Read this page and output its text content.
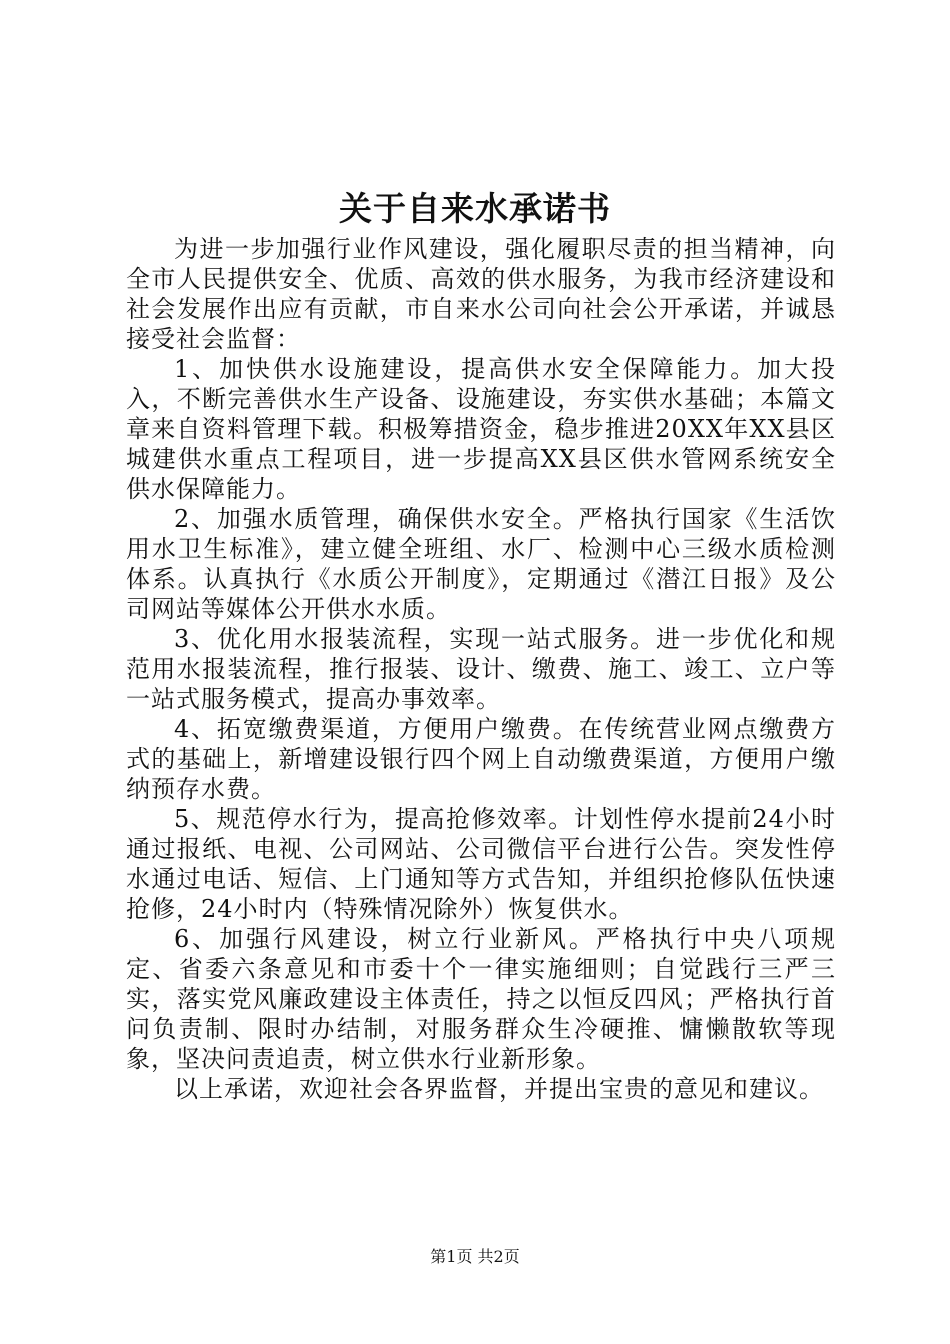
关于自来水承诺书

为进一步加强行业作风建设，强化履职尽责的担当精神，向全市人民提供安全、优质、高效的供水服务，为我市经济建设和社会发展作出应有贡献，市自来水公司向社会公开承诺，并诚恳接受社会监督：

1、加快供水设施建设，提高供水安全保障能力。加大投入，不断完善供水生产设备、设施建设，夯实供水基础；本篇文章来自资料管理下载。积极筹措资金，稳步推进20XX年XX县区城建供水重点工程项目，进一步提高XX县区供水管网系统安全供水保障能力。

2、加强水质管理，确保供水安全。严格执行国家《生活饮用水卫生标准》，建立健全班组、水厂、检测中心三级水质检测体系。认真执行《水质公开制度》，定期通过《潜江日报》及公司网站等媒体公开供水水质。

3、优化用水报装流程，实现一站式服务。进一步优化和规范用水报装流程，推行报装、设计、缴费、施工、竣工、立户等一站式服务模式，提高办事效率。

4、拓宽缴费渠道，方便用户缴费。在传统营业网点缴费方式的基础上，新增建设银行四个网上自动缴费渠道，方便用户缴纳预存水费。

5、规范停水行为，提高抢修效率。计划性停水提前24小时通过报纸、电视、公司网站、公司微信平台进行公告。突发性停水通过电话、短信、上门通知等方式告知，并组织抢修队伍快速抢修，24小时内（特殊情况除外）恢复供水。

6、加强行风建设，树立行业新风。严格执行中央八项规定、省委六条意见和市委十个一律实施细则；自觉践行三严三实，落实党风廉政建设主体责任，持之以恒反四风；严格执行首问负责制、限时办结制，对服务群众生冷硬推、慵懒散软等现象，坚决问责追责，树立供水行业新形象。

以上承诺，欢迎社会各界监督，并提出宝贵的意见和建议。

第1页 共2页
